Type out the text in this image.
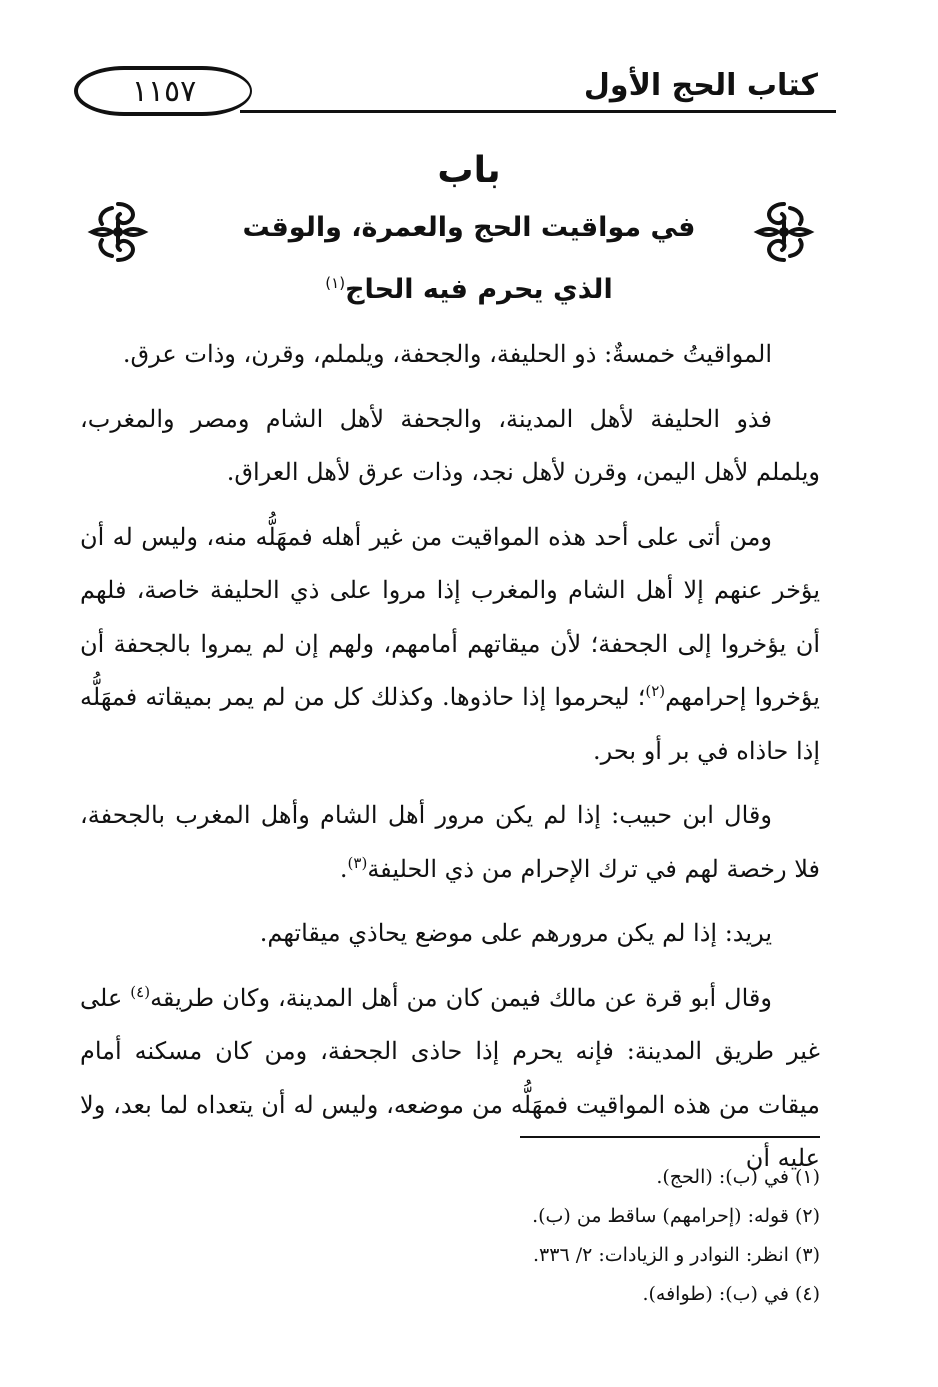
١١٥٧	كتاب الحج الأول
باب
في مواقيت الحج والعمرة، والوقت
الذي يحرم فيه الحاج$^{(١)}$

المواقيتُ خمسةٌ: ذو الحليفة، والجحفة، ويلملم، وقرن، وذات عرق.

فذو الحليفة لأهل المدينة، والجحفة لأهل الشام ومصر والمغرب، ويلملم لأهل اليمن، وقرن لأهل نجد، وذات عرق لأهل العراق.

ومن أتى على أحد هذه المواقيت من غير أهله فمهَلُّه منه، وليس له أن يؤخر عنهم إلا أهل الشام والمغرب إذا مروا على ذي الحليفة خاصة، فلهم أن يؤخروا إلى الجحفة؛ لأن ميقاتهم أمامهم، ولهم إن لم يمروا بالجحفة أن يؤخروا إحرامهم$^{(٢)}$؛ ليحرموا إذا حاذوها. وكذلك كل من لم يمر بميقاته فمهَلُّه إذا حاذاه في بر أو بحر.

وقال ابن حبيب: إذا لم يكن مرور أهل الشام وأهل المغرب بالجحفة، فلا رخصة لهم في ترك الإحرام من ذي الحليفة$^{(٣)}$.

يريد: إذا لم يكن مرورهم على موضع يحاذي ميقاتهم.

وقال أبو قرة عن مالك فيمن كان من أهل المدينة، وكان طريقه$^{(٤)}$ على غير طريق المدينة: فإنه يحرم إذا حاذى الجحفة، ومن كان مسكنه أمام ميقات من هذه المواقيت فمهَلُّه من موضعه، وليس له أن يتعداه لما بعد، ولا عليه أن

(١) في (ب): (الحج).
(٢) قوله: (إحرامهم) ساقط من (ب).
(٣) انظر: النوادر و الزيادات: ٢/ ٣٣٦.
(٤) في (ب): (طوافه).
